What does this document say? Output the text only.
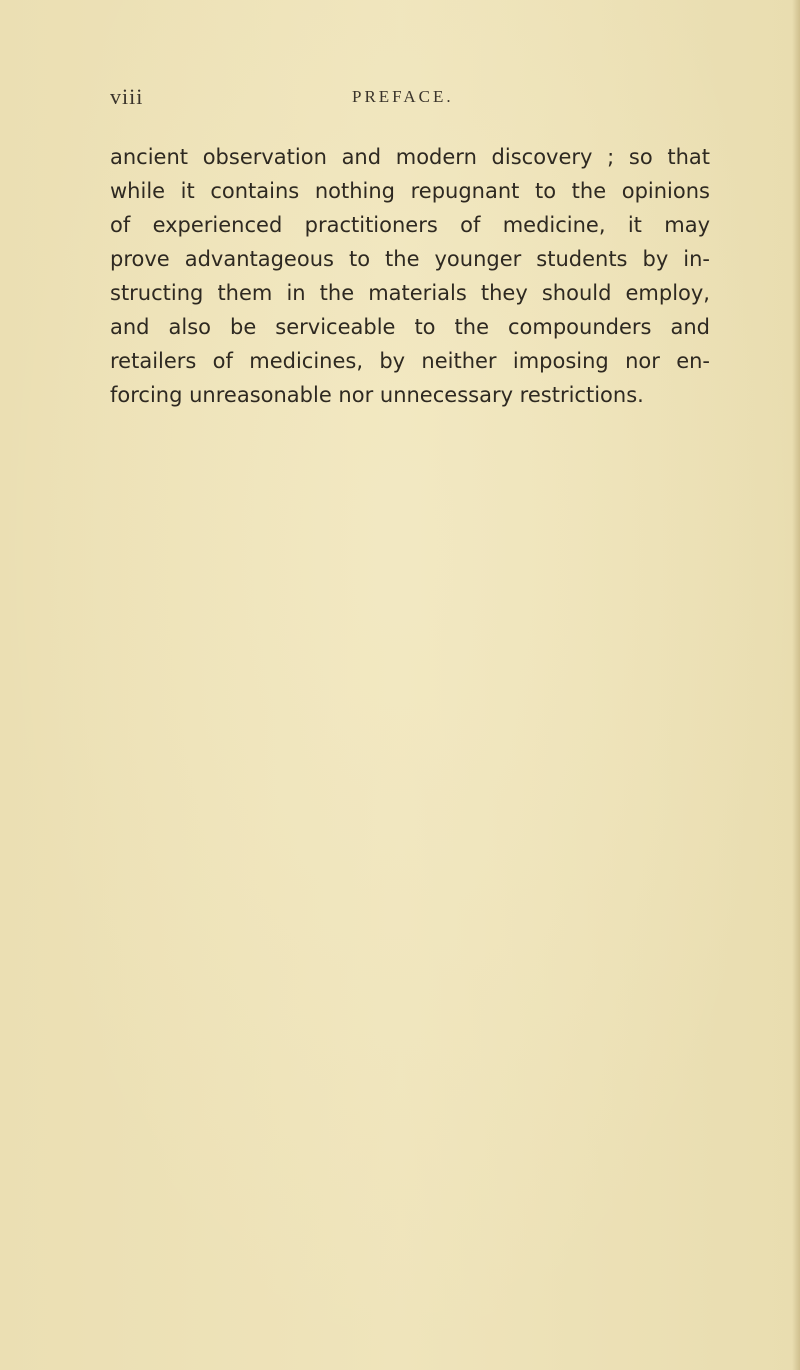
viii	PREFACE.
ancient observation and modern discovery ; so that
while it contains nothing repugnant to the opinions
of experienced practitioners of medicine, it may
prove advantageous to the younger students by in-
structing them in the materials they should employ,
and also be serviceable to the compounders and
retailers of medicines, by neither imposing nor en-
forcing unreasonable nor unnecessary restrictions.
